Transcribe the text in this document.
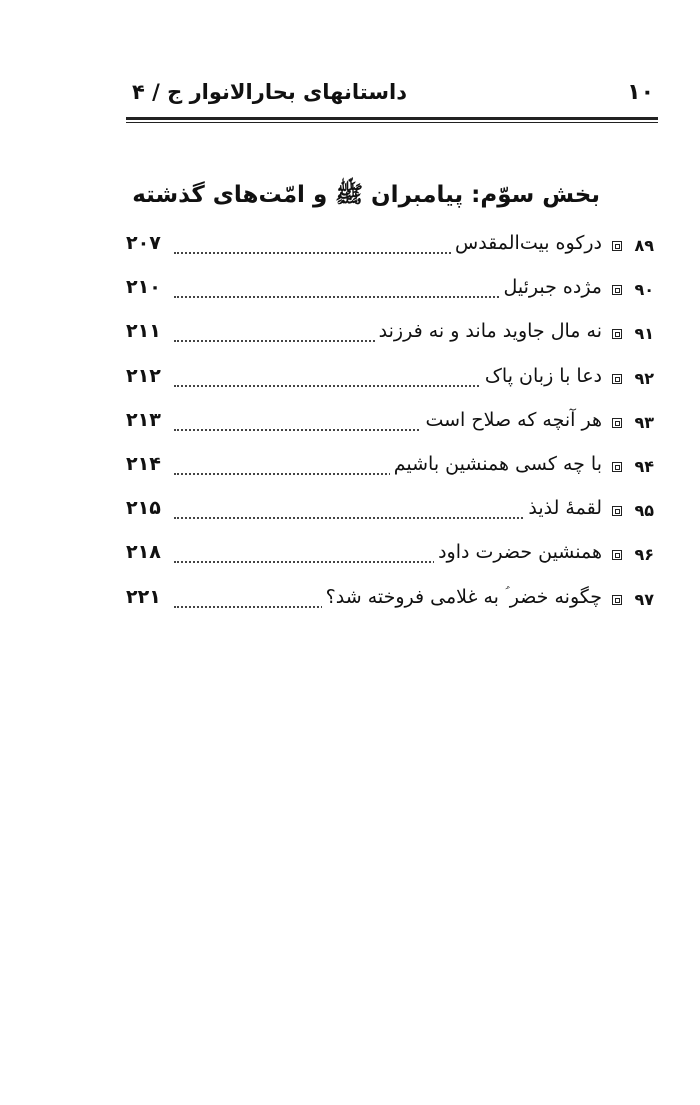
۱۰
داستانهای بحارالانوار ج / ۴
بخش سوّم: پیامبران ﷺ و امّت‌های گذشته
۸۹
درکوه بیت‌المقدس
۲۰۷
۹۰
مژده جبرئیل
۲۱۰
۹۱
نه مال جاوید ماند و نه فرزند
۲۱۱
۹۲
دعا با زبان پاک
۲۱۲
۹۳
هر آنچه که صلاح است
۲۱۳
۹۴
با چه کسی همنشین باشیم
۲۱۴
۹۵
لقمهٔ لذیذ
۲۱۵
۹۶
همنشین حضرت داود
۲۱۸
۹۷
چگونه خضر ؑ به غلامی فروخته شد؟
۲۲۱
